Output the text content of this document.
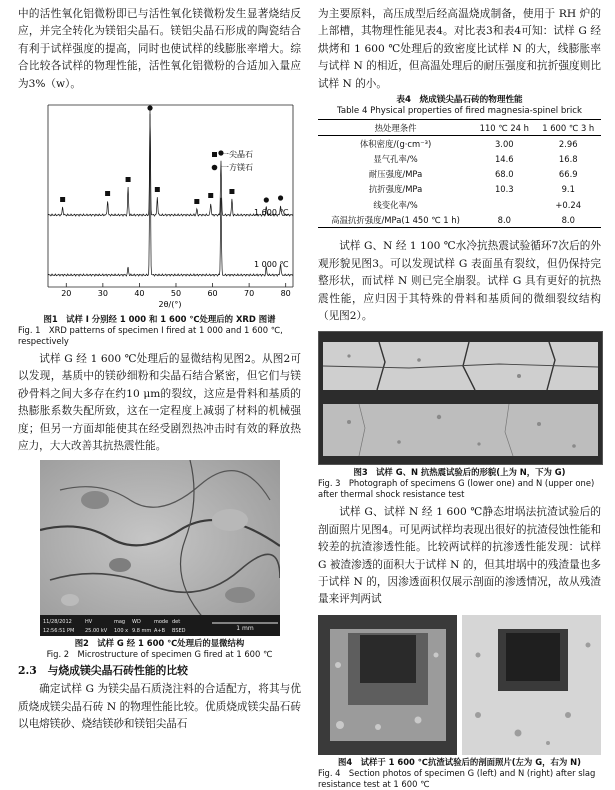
中的活性氧化铝微粉即已与活性氧化镁微粉发生显著烧结反应，并完全转化为镁铝尖晶石。镁铝尖晶石形成的陶瓷结合有利于试样强度的提高，同时也使试样的线膨胀率增大。综合比较各试样的物理性能，活性氧化铝微粉的合适加入量应为3%（w）。

20	30	40	50	60	70	80
一尖晶石
一方镁石
1 600 ℃
1 000 ℃
2θ/(°)
图1　试样 I 分别经 1 000 和 1 600 ℃处理后的 XRD 图谱
Fig. 1　XRD patterns of specimen I fired at 1 000 and 1 600 ℃, respectively

试样 G 经 1 600 ℃处理后的显微结构见图2。从图2可以发现，基质中的镁砂细粉和尖晶石结合紧密，但它们与镁砂骨料之间大多存在约10 μm的裂纹，这应是骨料和基质的热膨胀系数失配所致，这在一定程度上减弱了材料的机械强度；但另一方面却能使其在经受剧烈热冲击时有效的释放热应力，大大改善其抗热震性能。

11/28/2012
12:56:51 PM
HV
25.00 kV
mag
100 x
WD
9.8 mm
mode
A+B
det
BSED	1 mm
图2　试样 G 经 1 600 ℃处理后的显微结构
Fig. 2　Microstructure of specimen G fired at 1 600 ℃
2.3　与烧成镁尖晶石砖性能的比较

确定试样 G 为镁尖晶石质浇注料的合适配方，将其与优质烧成镁尖晶石砖 N 的物理性能比较。优质烧成镁尖晶石砖以电熔镁砂、烧结镁砂和镁铝尖晶石

为主要原料，高压成型后经高温烧成制备，使用于 RH 炉的上部槽，其物理性能见表4。对比表3和表4可知：试样 G 经烘烤和 1 600 ℃处理后的致密度比试样 N 的大，线膨胀率与试样 N 的相近，但高温处理后的耐压强度和抗折强度则比试样 N 的小。

表4　烧成镁尖晶石砖的物理性能
Table 4 Physical properties of fired magnesia-spinel brick
热处理条件	110 ℃ 24 h	1 600 ℃ 3 h
体积密度/(g·cm⁻³)	3.00	2.96
显气孔率/%	14.6	16.8
耐压强度/MPa	68.0	66.9
抗折强度/MPa	10.3	9.1
线变化率/%		+0.24
高温抗折强度/MPa(1 450 ℃ 1 h)	8.0	8.0

试样 G、N 经 1 100 ℃水冷抗热震试验循环7次后的外观形貌见图3。可以发现试样 G 表面虽有裂纹，但仍保持完整形状，而试样 N 则已完全崩裂。试样 G 具有更好的抗热震性能，应归因于其特殊的骨料和基质间的微细裂纹结构（见图2）。

图3　试样 G、N 抗热震试验后的形貌(上为 N，下为 G)
Fig. 3　Photograph of specimens G (lower one) and N (upper one) after thermal shock resistance test

试样 G、试样 N 经 1 600 ℃静态坩埚法抗渣试验后的剖面照片见图4。可见两试样均表现出很好的抗渣侵蚀性能和较差的抗渣渗透性能。比较两试样的抗渗透性能发现：试样 G 被渣渗透的面积大于试样 N 的，但其坩埚中的残渣量也多于试样 N 的，因渗透面积仅展示剖面的渗透情况，故从残渣量来评判两试

图4　试样于 1 600 ℃抗渣试验后的剖面照片(左为 G，右为 N)
Fig. 4　Section photos of specimen G (left) and N (right) after slag resistance test at 1 600 ℃
